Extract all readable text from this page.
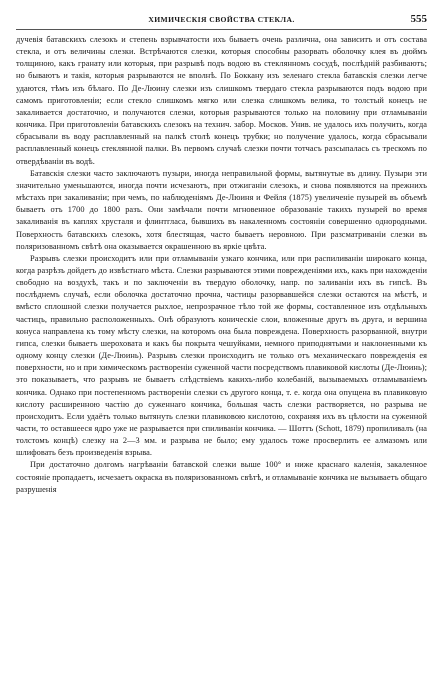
ХИМИЧЕСКIЯ СВОЙСТВА СТЕКЛА.	555

дучевiя батавскихъ слезокъ и степень взрывчатости ихъ бываетъ очень различна, она зависитъ и отъ состава стекла, и отъ величины слезки. Встрѣчаются слезки, которыя способны разорвать оболочку клея въ дюймъ толщиною, какъ гранату или которыя, при разрывѣ подъ водою въ стеклянномъ сосудѣ, послѣднiй разбиваютъ; но бываютъ и такiя, которыя разрываются не вполнѣ. По Боккану изъ зеленаго стекла батавскiя слезки легче удаются, тѣмъ изъ бѣлаго. По Де-Люину слезки изъ слишкомъ твердаго стекла разрываются подъ водою при самомъ приготовленiи; если стекло слишкомъ мягко или слезка слишкомъ велика, то толстый конецъ не закаливается достаточно, и получаются слезки, которыя разрываются только на половину при отламыванiи кончика. При приготовленiи батавскихъ слезокъ на технич. забор. Москов. Унив. не удалось ихъ получить, когда сбрасывали въ воду расплавленный на палкѣ столѣ конецъ трубки; но получение удалось, когда сбрасывали расплавленный конецъ стеклянной палки. Въ первомъ случаѣ слезки почти тотчасъ разсыпалась съ трескомъ по отвердѣванiи въ водѣ.

Батавскiя слезки часто заключаютъ пузыри, иногда неправильной формы, вытянутые въ длину. Пузыри эти значительно уменьшаются, иногда почти исчезаютъ, при отжиганiи слезокъ, и снова появляются на прежнихъ мѣстахъ при закаливанiи; при чемъ, по наблюденiямъ Де-Люиня и Фейля (1875) увеличенiе пузырей въ объемѣ бываетъ отъ 1700 до 1800 разъ. Они замѣчали почти мгновенное образованiе такихъ пузырей во время закаливанiя въ каплях хрусталя и флинтгласа, бывшихъ въ накаленномъ состоянiи совершенно однородными. Поверхность батавскихъ слезокъ, хотя блестящая, часто бываетъ неровною. При разсматриванiи слезки въ поляризованномъ свѣтѣ она оказывается окрашенною въ яркiе цвѣта.

Разрывъ слезки происходитъ или при отламыванiи узкаго кончика, или при распиливанiи широкаго конца, когда разрѣзъ дойдетъ до извѣстнаго мѣста. Слезки разрываются этими поврежденiями ихъ, какъ при нахожденiи свободно на воздухѣ, такъ и по заключенiи въ твердую оболочку, напр. по заливанiи ихъ въ гипсѣ. Въ послѣднемъ случаѣ, если оболочка достаточно прочна, частицы разорвавшейся слезки остаются на мѣстѣ, и вмѣсто сплошной слезки получается рыхлое, непрозрачное тѣло той же формы, составленное изъ отдѣльныхъ частицъ, правильно расположенныхъ. Онѣ образуютъ коническiе слои, вложенные другъ въ друга, и вершина конуса направлена къ тому мѣсту слезки, на которомъ она была повреждена. Поверхность разорванной, внутри гипса, слезки бываетъ шероховата и какъ бы покрыта чешуйками, немного приподнятыми и наклоненными къ одному концу слезки (Де-Люинь). Разрывъ слезки происходитъ не только отъ механическаго поврежденiя ея поверхности, но и при химическомъ растворенiи суженной части посредствомъ плавиковой кислоты (Де-Люинь); это показываетъ, что разрывъ не бываетъ слѣдствiемъ какихъ-либо колебанiй, вызываемыхъ отламыванiемъ кончика. Однако при постепенномъ растворенiи слезки съ другого конца, т. е. когда она опущена въ плавиковую кислоту расширенною частiю до суженнаго кончика, большая часть слезки растворяется, но разрыва не происходитъ. Если удаётъ только вытянуть слезки плавиковою кислотою, сохраняя ихъ въ цѣлости на суженной части, то оставшееся ядро уже не разрывается при спиливанiи кончика. — Шоттъ (Schott, 1879) пропиливалъ (на толстомъ концѣ) слезку на 2—3 мм. и разрыва не было; ему удалось тоже просверлить ее алмазомъ или шлифовать безъ произведенiя взрыва.

При достаточно долгомъ нагрѣванiи батавской слезки выше 100° и ниже краснаго каленiя, закаленное состоянiе пропадаетъ, исчезаетъ окраска въ поляризованномъ свѣтѣ, и отламыванiе кончика не вызываетъ общаго разрушенiя
